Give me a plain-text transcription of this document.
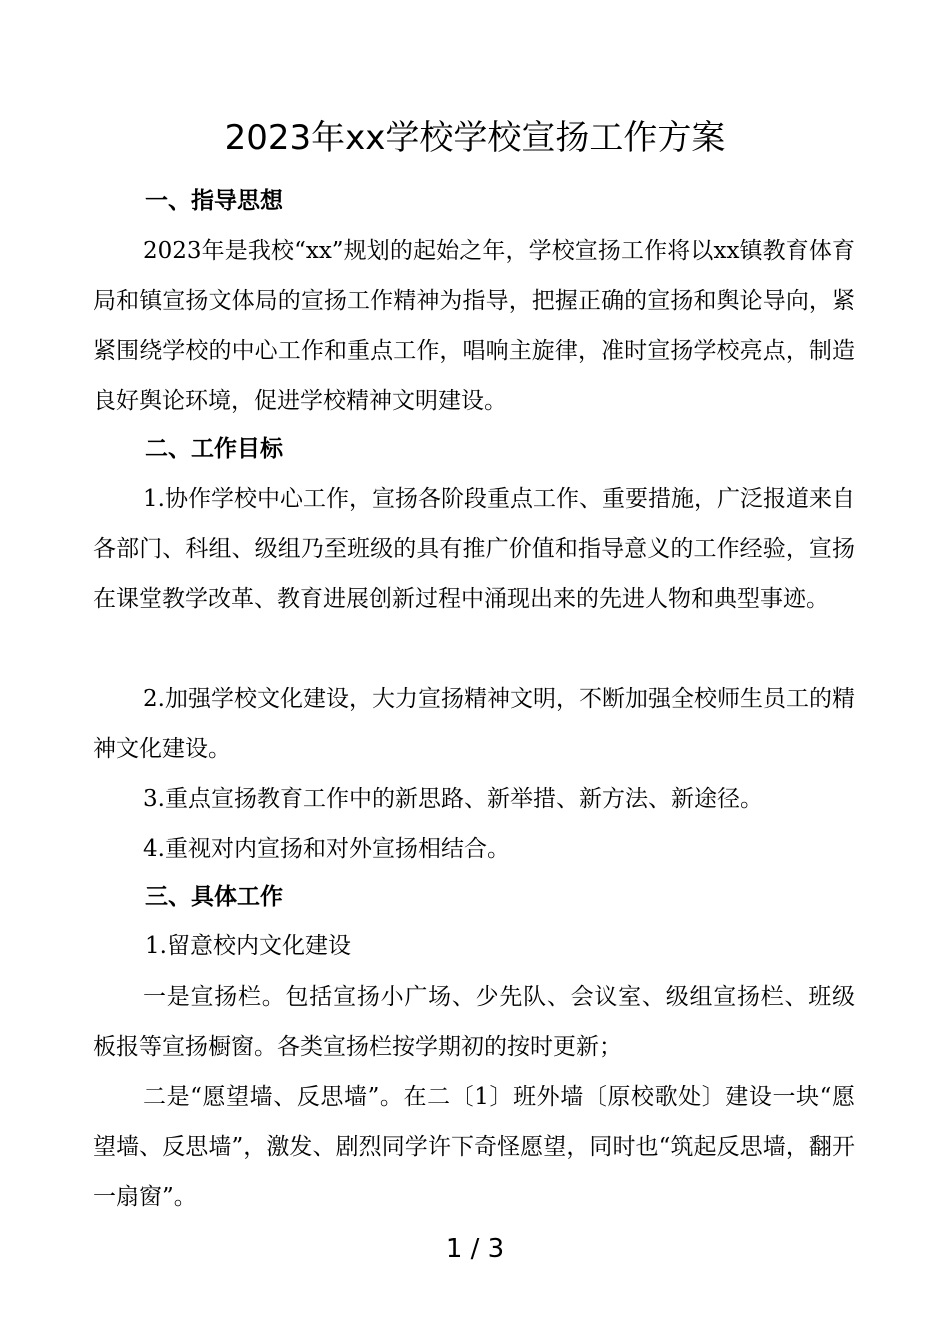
2023年xx学校学校宣扬工作方案
一、指导思想

2023年是我校“xx”规划的起始之年，学校宣扬工作将以xx镇教育体育局和镇宣扬文体局的宣扬工作精神为指导，把握正确的宣扬和舆论导向，紧紧围绕学校的中心工作和重点工作，唱响主旋律，准时宣扬学校亮点，制造良好舆论环境，促进学校精神文明建设。

二、工作目标

1.协作学校中心工作，宣扬各阶段重点工作、重要措施，广泛报道来自各部门、科组、级组乃至班级的具有推广价值和指导意义的工作经验，宣扬在课堂教学改革、教育进展创新过程中涌现出来的先进人物和典型事迹。

2.加强学校文化建设，大力宣扬精神文明，不断加强全校师生员工的精神文化建设。

3.重点宣扬教育工作中的新思路、新举措、新方法、新途径。

4.重视对内宣扬和对外宣扬相结合。

三、具体工作
1.留意校内文化建设

一是宣扬栏。包括宣扬小广场、少先队、会议室、级组宣扬栏、班级板报等宣扬橱窗。各类宣扬栏按学期初的按时更新；

二是“愿望墙、反思墙”。在二〔1〕班外墙〔原校歌处〕建设一块“愿望墙、反思墙”，激发、剧烈同学许下奇怪愿望，同时也“筑起反思墙，翻开一扇窗”。

1 / 3
